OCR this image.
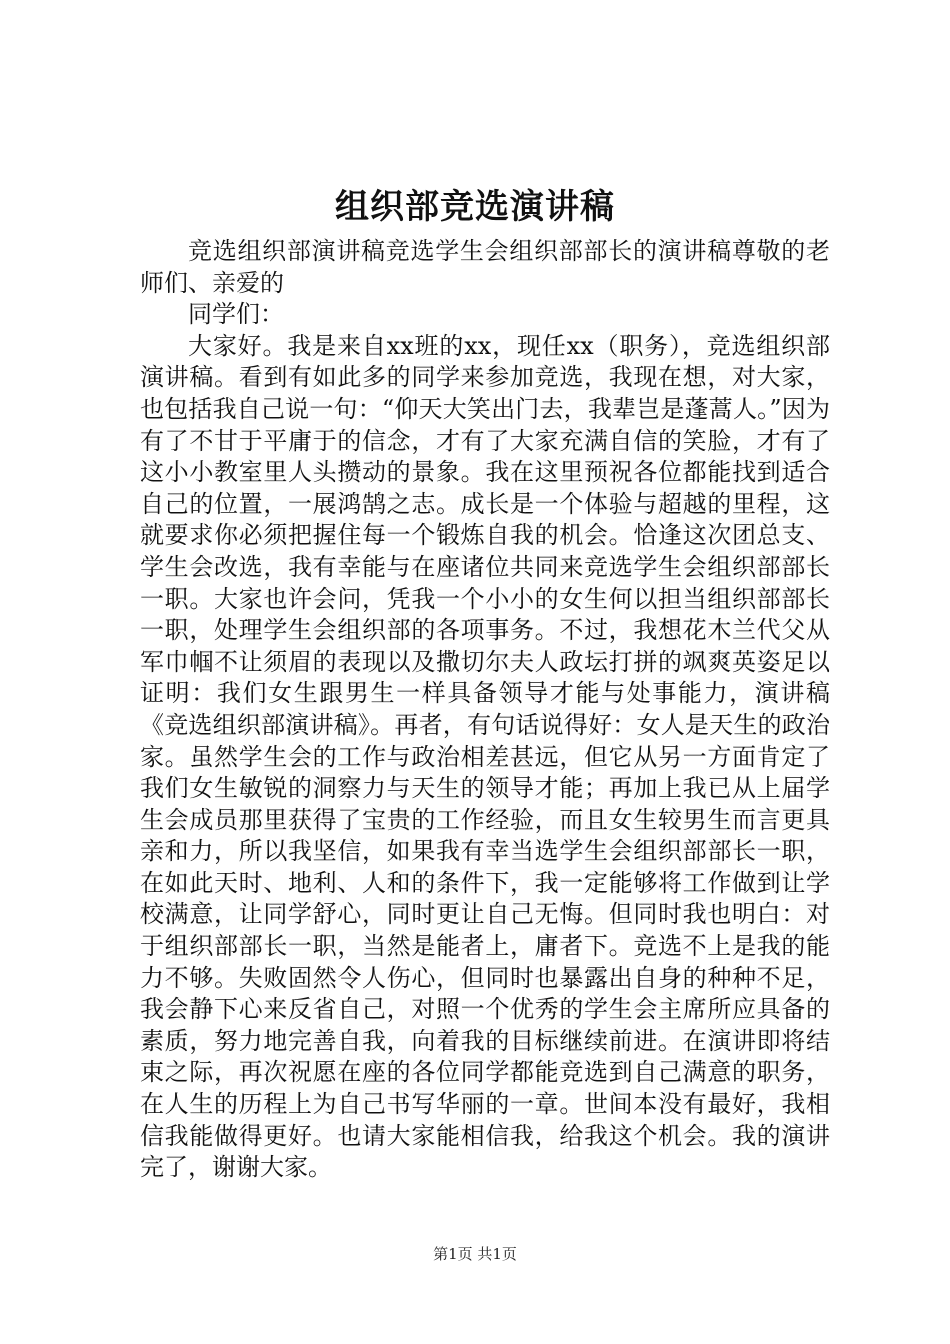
组织部竞选演讲稿

竞选组织部演讲稿竞选学生会组织部部长的演讲稿尊敬的老师们、亲爱的

同学们：

大家好。我是来自xx班的xx，现任xx（职务），竞选组织部演讲稿。看到有如此多的同学来参加竞选，我现在想，对大家，也包括我自己说一句：“仰天大笑出门去，我辈岂是蓬蒿人。”因为有了不甘于平庸于的信念，才有了大家充满自信的笑脸，才有了这小小教室里人头攒动的景象。我在这里预祝各位都能找到适合自己的位置，一展鸿鹄之志。成长是一个体验与超越的里程，这就要求你必须把握住每一个锻炼自我的机会。恰逢这次团总支、学生会改选，我有幸能与在座诸位共同来竞选学生会组织部部长一职。大家也许会问，凭我一个小小的女生何以担当组织部部长一职，处理学生会组织部的各项事务。不过，我想花木兰代父从军巾帼不让须眉的表现以及撒切尔夫人政坛打拼的飒爽英姿足以证明：我们女生跟男生一样具备领导才能与处事能力，演讲稿《竞选组织部演讲稿》。再者，有句话说得好：女人是天生的政治家。虽然学生会的工作与政治相差甚远，但它从另一方面肯定了我们女生敏锐的洞察力与天生的领导才能；再加上我已从上届学生会成员那里获得了宝贵的工作经验，而且女生较男生而言更具亲和力，所以我坚信，如果我有幸当选学生会组织部部长一职，在如此天时、地利、人和的条件下，我一定能够将工作做到让学校满意，让同学舒心，同时更让自己无悔。但同时我也明白：对于组织部部长一职，当然是能者上，庸者下。竞选不上是我的能力不够。失败固然令人伤心，但同时也暴露出自身的种种不足，我会静下心来反省自己，对照一个优秀的学生会主席所应具备的素质，努力地完善自我，向着我的目标继续前进。在演讲即将结束之际，再次祝愿在座的各位同学都能竞选到自己满意的职务，在人生的历程上为自己书写华丽的一章。世间本没有最好，我相信我能做得更好。也请大家能相信我，给我这个机会。我的演讲完了，谢谢大家。

第1页 共1页
